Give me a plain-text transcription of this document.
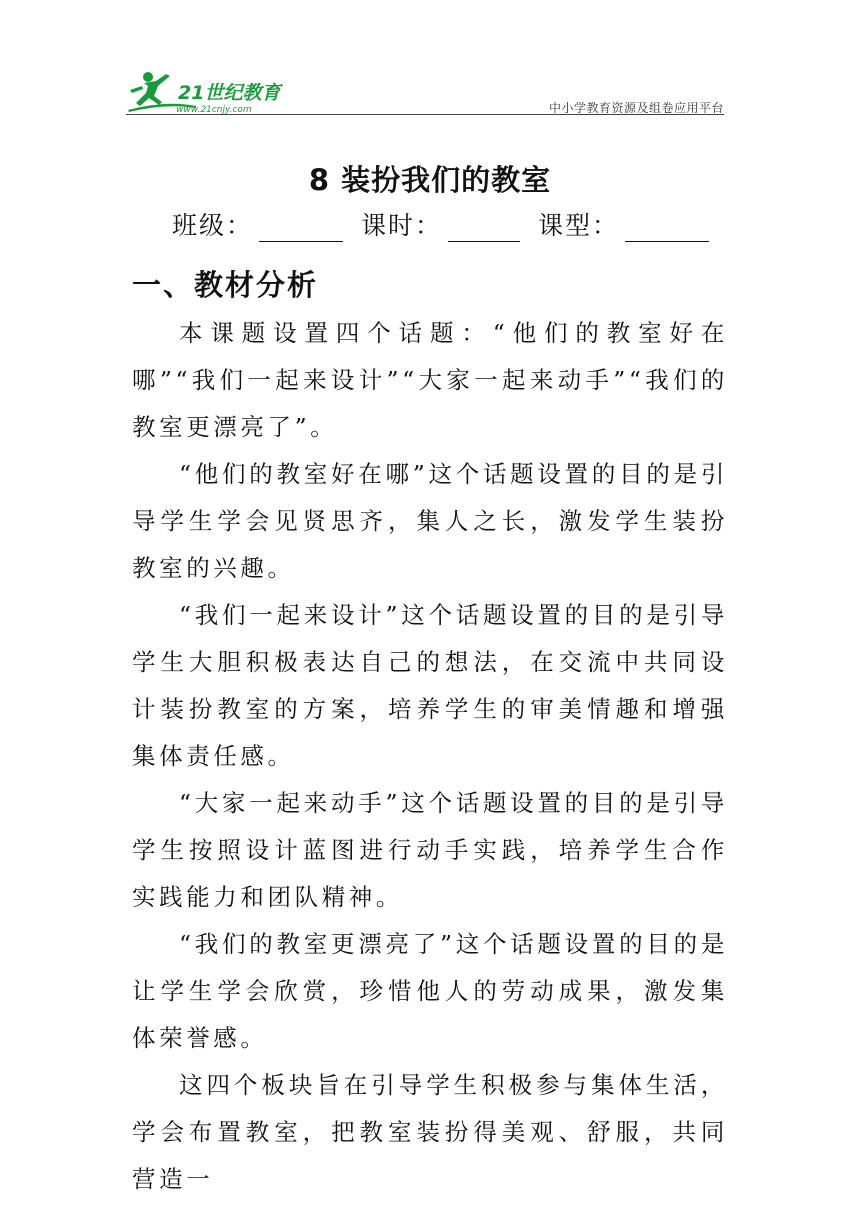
21世纪教育
www.21cnjy.com	中小学教育资源及组卷应用平台
8 装扮我们的教室
班级：	课时：	课型：
一、教材分析

本课题设置四个话题：“他们的教室好在哪”“我们一起来设计”“大家一起来动手”“我们的教室更漂亮了”。

“他们的教室好在哪”这个话题设置的目的是引导学生学会见贤思齐，集人之长，激发学生装扮教室的兴趣。

“我们一起来设计”这个话题设置的目的是引导学生大胆积极表达自己的想法，在交流中共同设计装扮教室的方案，培养学生的审美情趣和增强集体责任感。

“大家一起来动手”这个话题设置的目的是引导学生按照设计蓝图进行动手实践，培养学生合作实践能力和团队精神。

“我们的教室更漂亮了”这个话题设置的目的是让学生学会欣赏，珍惜他人的劳动成果，激发集体荣誉感。

这四个板块旨在引导学生积极参与集体生活，学会布置教室，把教室装扮得美观、舒服，共同营造一
